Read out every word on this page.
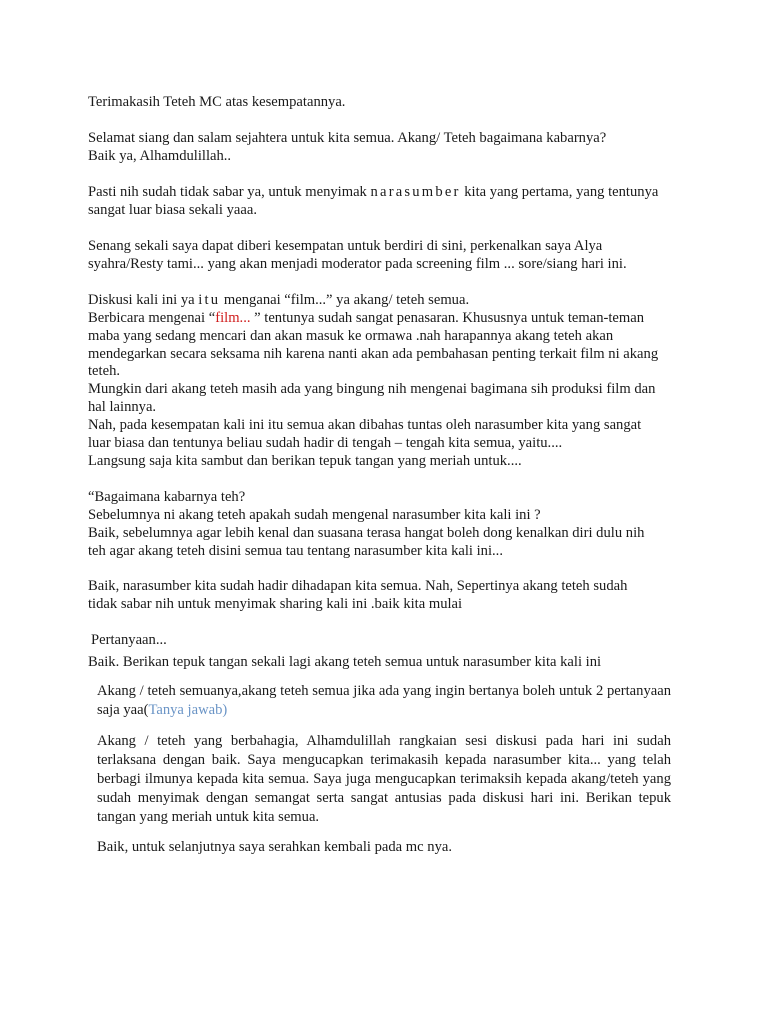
Terimakasih Teteh MC atas kesempatannya.
Selamat siang dan salam sejahtera untuk kita semua. Akang/ Teteh bagaimana kabarnya?
Baik ya, Alhamdulillah..
Pasti nih sudah tidak sabar ya, untuk menyimak narasumber kita yang pertama, yang tentunya
sangat luar biasa sekali yaaa.
Senang sekali saya dapat diberi kesempatan untuk berdiri di sini, perkenalkan saya Alya
syahra/Resty tami... yang akan menjadi moderator pada screening film ... sore/siang hari ini.
Diskusi kali ini ya itu menganai “film...” ya akang/ teteh semua.
Berbicara mengenai “film... ” tentunya sudah sangat penasaran. Khususnya untuk teman-teman
maba yang sedang mencari dan akan masuk ke ormawa .nah harapannya akang teteh akan
mendegarkan secara seksama nih karena nanti akan ada pembahasan penting terkait film ni akang
teteh.
Mungkin dari akang teteh masih ada yang bingung nih mengenai bagimana sih produksi film dan
hal lainnya.
Nah, pada kesempatan kali ini itu semua akan dibahas tuntas oleh narasumber kita yang sangat
luar biasa dan tentunya beliau sudah hadir di tengah – tengah kita semua, yaitu....
Langsung saja kita sambut dan berikan tepuk tangan yang meriah untuk....
“Bagaimana kabarnya teh?
Sebelumnya ni akang teteh apakah sudah mengenal narasumber kita kali ini ?
Baik, sebelumnya agar lebih kenal dan suasana terasa hangat boleh dong kenalkan diri dulu nih
teh agar akang teteh disini semua tau tentang narasumber kita kali ini...
Baik, narasumber kita sudah hadir dihadapan kita semua. Nah, Sepertinya akang teteh sudah
tidak sabar nih untuk menyimak sharing kali ini .baik kita mulai
Pertanyaan...
Baik. Berikan tepuk tangan sekali lagi akang teteh semua untuk narasumber kita kali ini
Akang / teteh semuanya,akang teteh semua jika ada yang ingin bertanya boleh untuk 2 pertanyaan saja yaa(Tanya jawab)
Akang / teteh yang berbahagia, Alhamdulillah rangkaian sesi diskusi pada hari ini sudah terlaksana dengan baik. Saya mengucapkan terimakasih kepada narasumber kita... yang telah berbagi ilmunya kepada kita semua. Saya juga mengucapkan terimaksih kepada akang/teteh yang sudah menyimak dengan semangat serta sangat antusias pada diskusi hari ini. Berikan tepuk tangan yang meriah untuk kita semua.
Baik, untuk selanjutnya saya serahkan kembali pada mc nya.
